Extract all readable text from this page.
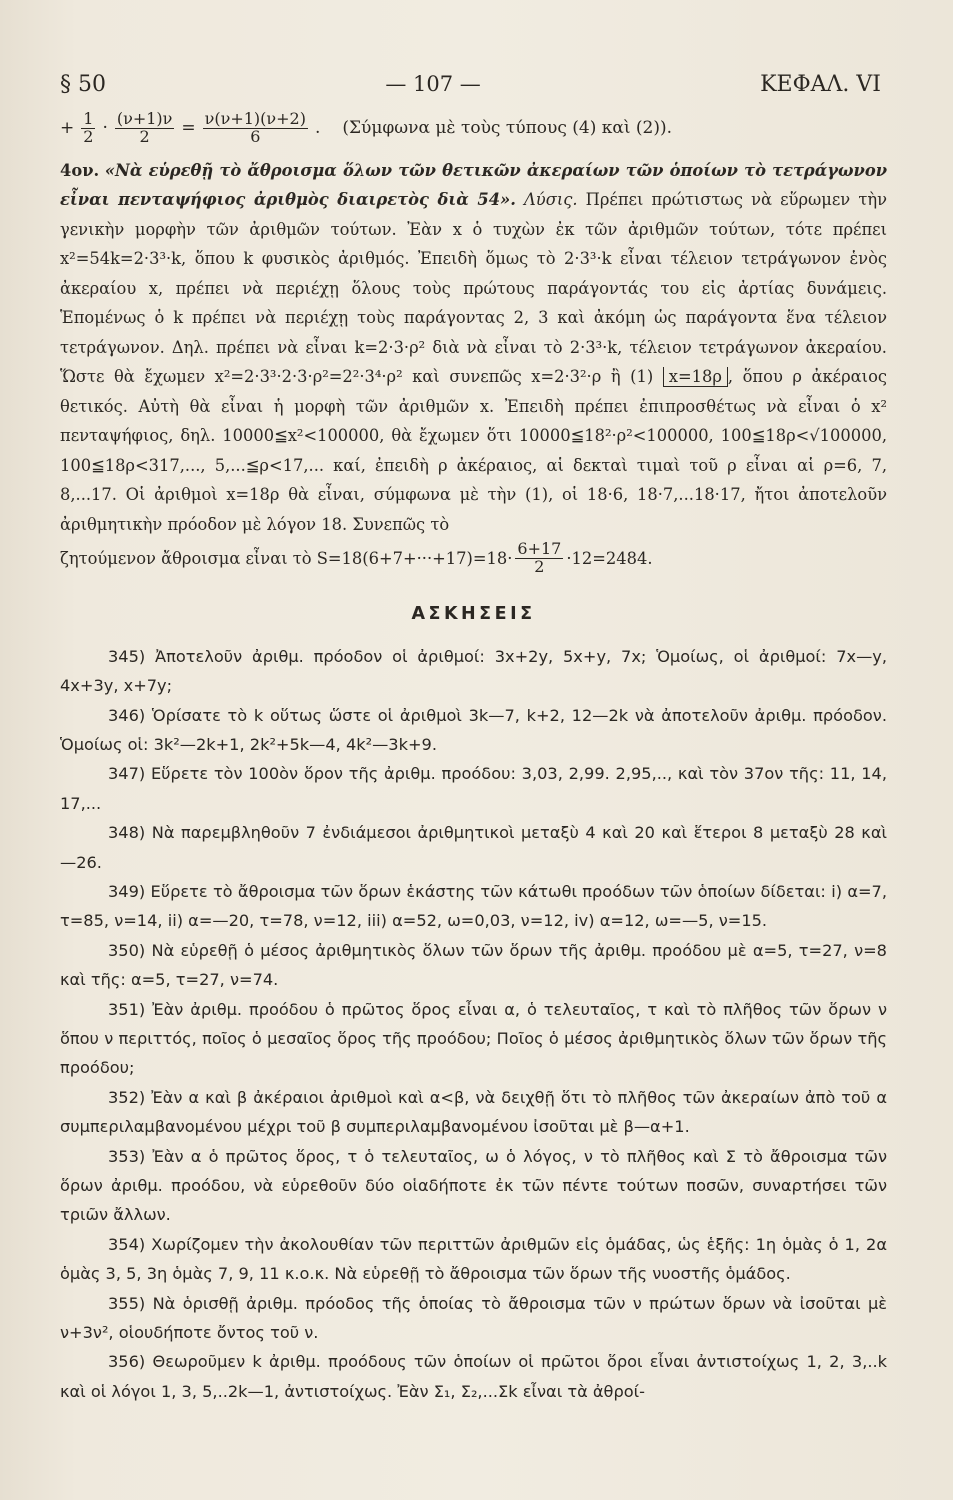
§ 50	— 107 —	ΚΕΦΑΛ. VI
+ $\frac{1}{2} \cdot \frac{(\nu+1)\nu}{2} = \frac{\nu(\nu+1)(\nu+2)}{6}$ . (Σύμφωνα μὲ τοὺς τύπους (4) καὶ (2)).

4ον. «Νὰ εὑρεθῇ τὸ ἄθροισμα ὅλων τῶν θετικῶν ἀκεραίων τῶν ὁποίων τὸ τετράγωνον εἶναι πενταψήφιος ἀριθμὸς διαιρετὸς διὰ 54». Λύσις. Πρέπει πρώτιστως νὰ εὕρωμεν τὴν γενικὴν μορφὴν τῶν ἀριθμῶν τούτων. Ἐὰν x ὁ τυχὼν ἐκ τῶν ἀριθμῶν τούτων, τότε πρέπει x²=54k=2·3³·k, ὅπου k φυσικὸς ἀριθμός. Ἐπειδὴ ὅμως τὸ 2·3³·k εἶναι τέλειον τετράγωνον ἑνὸς ἀκεραίου x, πρέπει νὰ περιέχῃ ὅλους τοὺς πρώτους παράγοντάς του εἰς ἀρτίας δυνάμεις. Ἑπομένως ὁ k πρέπει νὰ περιέχῃ τοὺς παράγοντας 2, 3 καὶ ἀκόμη ὡς παράγοντα ἕνα τέλειον τετράγωνον. Δηλ. πρέπει νὰ εἶναι k=2·3·ρ² διὰ νὰ εἶναι τὸ 2·3³·k, τέλειον τετράγωνον ἀκεραίου. Ὥστε θὰ ἔχωμεν x²=2·3³·2·3·ρ²=2²·3⁴·ρ² καὶ συνεπῶς x=2·3²·ρ ἢ (1) x=18ρ , ὅπου ρ ἀκέραιος θετικός. Αὐτὴ θὰ εἶναι ἡ μορφὴ τῶν ἀριθμῶν x. Ἐπειδὴ πρέπει ἐπιπροσθέτως νὰ εἶναι ὁ x² πενταψήφιος, δηλ. 10000≦x²<100000, θὰ ἔχωμεν ὅτι 10000≦18²·ρ²<100000, 100≦18ρ<√100000, 100≦18ρ<317,..., 5,...≦ρ<17,... καί, ἐπειδὴ ρ ἀκέραιος, αἱ δεκταὶ τιμαὶ τοῦ ρ εἶναι αἱ ρ=6, 7, 8,...17. Οἱ ἀριθμοὶ x=18ρ θὰ εἶναι, σύμφωνα μὲ τὴν (1), οἱ 18·6, 18·7,...18·17, ἤτοι ἀποτελοῦν ἀριθμητικὴν πρόοδον μὲ λόγον 18. Συνεπῶς τὸ

ζητούμενον ἄθροισμα εἶναι τὸ $S=18(6+7+\cdot\cdot\cdot+17)=18\cdot \frac{6+17}{2} \cdot 12=2484$.
ΑΣΚΗΣΕΙΣ

345) Ἀποτελοῦν ἀριθμ. πρόοδον οἱ ἀριθμοί: 3x+2y, 5x+y, 7x; Ὁμοίως, οἱ ἀριθμοί: 7x—y, 4x+3y, x+7y;

346) Ὁρίσατε τὸ k οὕτως ὥστε οἱ ἀριθμοὶ 3k—7, k+2, 12—2k νὰ ἀποτελοῦν ἀριθμ. πρόοδον. Ὁμοίως οἱ: 3k²—2k+1, 2k²+5k—4, 4k²—3k+9.

347) Εὕρετε τὸν 100ὸν ὅρον τῆς ἀριθμ. προόδου: 3,03, 2,99. 2,95,.., καὶ τὸν 37ον τῆς: 11, 14, 17,...

348) Νὰ παρεμβληθοῦν 7 ἐνδιάμεσοι ἀριθμητικοὶ μεταξὺ 4 καὶ 20 καὶ ἕτεροι 8 μεταξὺ 28 καὶ —26.

349) Εὕρετε τὸ ἄθροισμα τῶν ὅρων ἑκάστης τῶν κάτωθι προόδων τῶν ὁποίων δίδεται: i) α=7, τ=85, ν=14, ii) α=—20, τ=78, ν=12, iii) α=52, ω=0,03, ν=12, iv) α=12, ω=—5, ν=15.

350) Νὰ εὑρεθῇ ὁ μέσος ἀριθμητικὸς ὅλων τῶν ὅρων τῆς ἀριθμ. προόδου μὲ α=5, τ=27, ν=8 καὶ τῆς: α=5, τ=27, ν=74.

351) Ἐὰν ἀριθμ. προόδου ὁ πρῶτος ὅρος εἶναι α, ὁ τελευταῖος, τ καὶ τὸ πλῆθος τῶν ὅρων ν ὅπου ν περιττός, ποῖος ὁ μεσαῖος ὅρος τῆς προόδου; Ποῖος ὁ μέσος ἀριθμητικὸς ὅλων τῶν ὅρων τῆς προόδου;

352) Ἐὰν α καὶ β ἀκέραιοι ἀριθμοὶ καὶ α<β, νὰ δειχθῇ ὅτι τὸ πλῆθος τῶν ἀκεραίων ἀπὸ τοῦ α συμπεριλαμβανομένου μέχρι τοῦ β συμπεριλαμβανομένου ἰσοῦται μὲ β—α+1.

353) Ἐὰν α ὁ πρῶτος ὅρος, τ ὁ τελευταῖος, ω ὁ λόγος, ν τὸ πλῆθος καὶ Σ τὸ ἄθροισμα τῶν ὅρων ἀριθμ. προόδου, νὰ εὑρεθοῦν δύο οἱαδήποτε ἐκ τῶν πέντε τούτων ποσῶν, συναρτήσει τῶν τριῶν ἄλλων.

354) Χωρίζομεν τὴν ἀκολουθίαν τῶν περιττῶν ἀριθμῶν εἰς ὁμάδας, ὡς ἑξῆς: 1η ὁμὰς ὁ 1, 2α ὁμὰς 3, 5, 3η ὁμὰς 7, 9, 11 κ.ο.κ. Νὰ εὑρεθῇ τὸ ἄθροισμα τῶν ὅρων τῆς νυοστῆς ὁμάδος.

355) Νὰ ὁρισθῇ ἀριθμ. πρόοδος τῆς ὁποίας τὸ ἄθροισμα τῶν ν πρώτων ὅρων νὰ ἰσοῦται μὲ ν+3ν², οἱουδήποτε ὄντος τοῦ ν.

356) Θεωροῦμεν k ἀριθμ. προόδους τῶν ὁποίων οἱ πρῶτοι ὅροι εἶναι ἀντιστοίχως 1, 2, 3,..k καὶ οἱ λόγοι 1, 3, 5,..2k—1, ἀντιστοίχως. Ἐὰν Σ₁, Σ₂,...Σk εἶναι τὰ ἀθροί-
